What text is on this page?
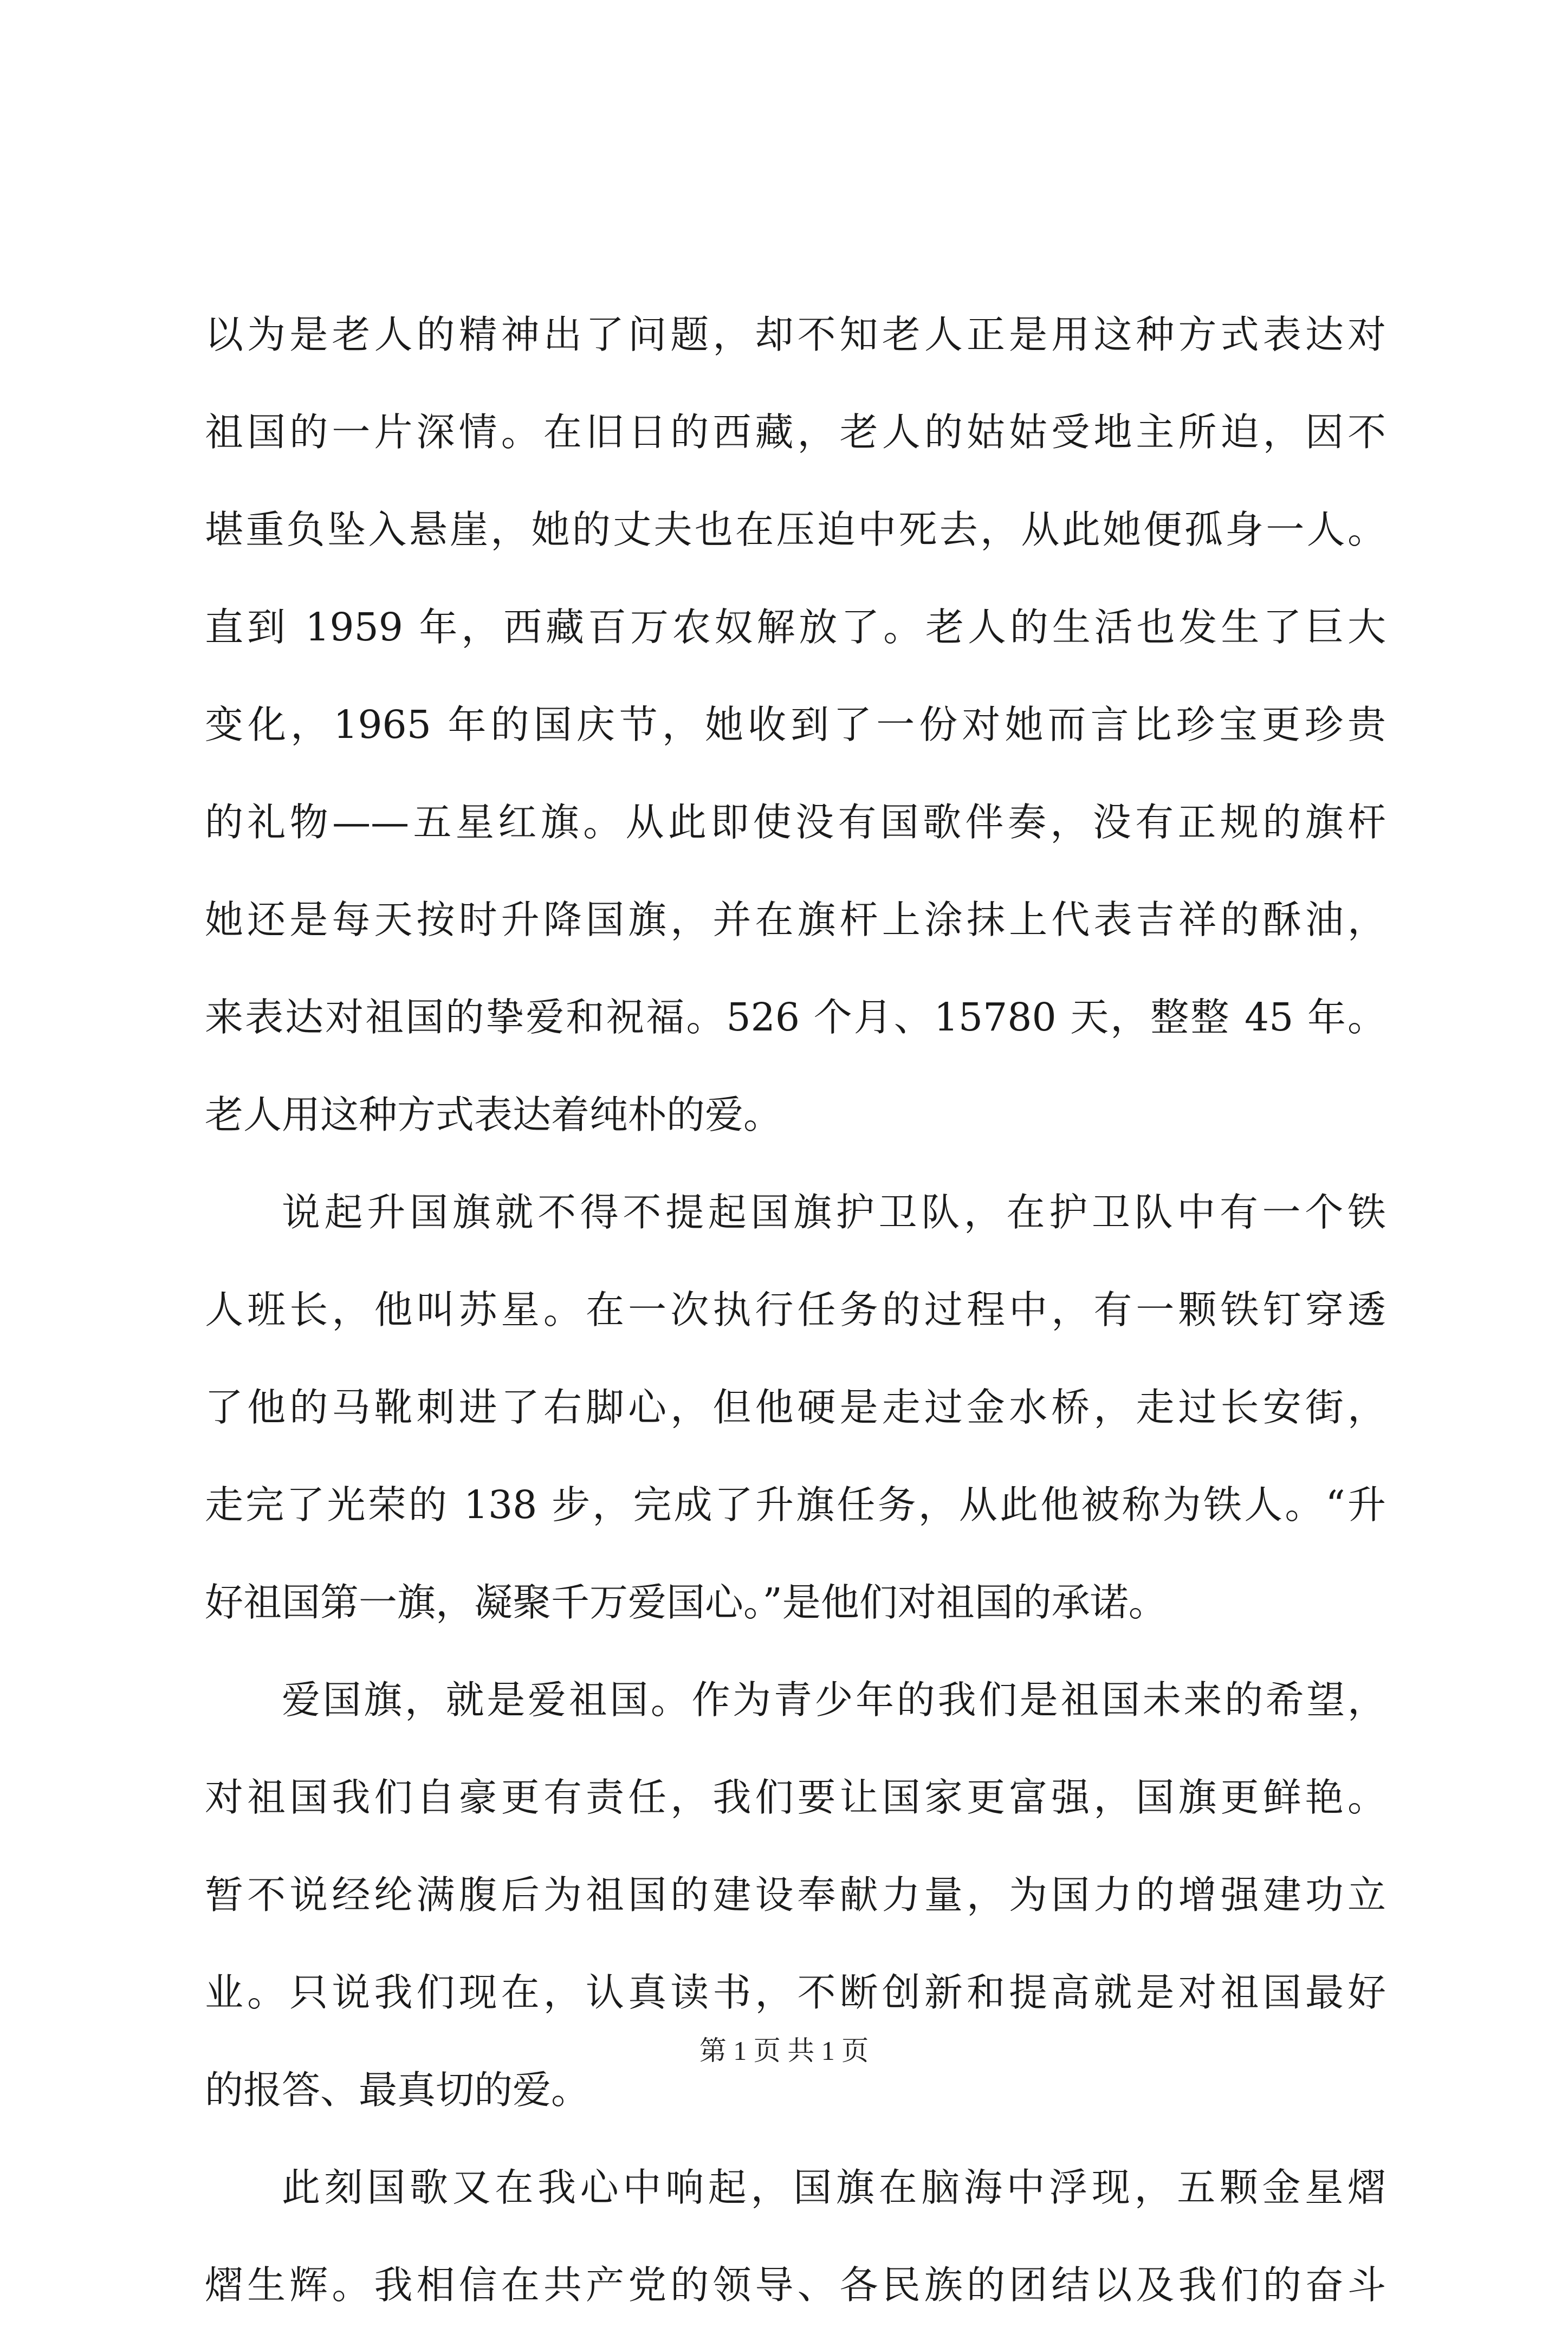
以为是老人的精神出了问题，却不知老人正是用这种方式表达对
祖国的一片深情。在旧日的西藏，老人的姑姑受地主所迫，因不
堪重负坠入悬崖，她的丈夫也在压迫中死去，从此她便孤身一人。
直到 1959 年，西藏百万农奴解放了。老人的生活也发生了巨大
变化，1965 年的国庆节，她收到了一份对她而言比珍宝更珍贵
的礼物——五星红旗。从此即使没有国歌伴奏，没有正规的旗杆
她还是每天按时升降国旗，并在旗杆上涂抹上代表吉祥的酥油，
来表达对祖国的挚爱和祝福。526 个月、15780 天，整整 45 年。
老人用这种方式表达着纯朴的爱。
说起升国旗就不得不提起国旗护卫队，在护卫队中有一个铁
人班长，他叫苏星。在一次执行任务的过程中，有一颗铁钉穿透
了他的马靴刺进了右脚心，但他硬是走过金水桥，走过长安街，
走完了光荣的 138 步，完成了升旗任务，从此他被称为铁人。“升
好祖国第一旗，凝聚千万爱国心。”是他们对祖国的承诺。
爱国旗，就是爱祖国。作为青少年的我们是祖国未来的希望，
对祖国我们自豪更有责任，我们要让国家更富强，国旗更鲜艳。
暂不说经纶满腹后为祖国的建设奉献力量，为国力的增强建功立
业。只说我们现在，认真读书，不断创新和提高就是对祖国最好
的报答、最真切的爱。
此刻国歌又在我心中响起，国旗在脑海中浮现，五颗金星熠
熠生辉。我相信在共产党的领导、各民族的团结以及我们的奋斗
第 1 页 共 1 页
